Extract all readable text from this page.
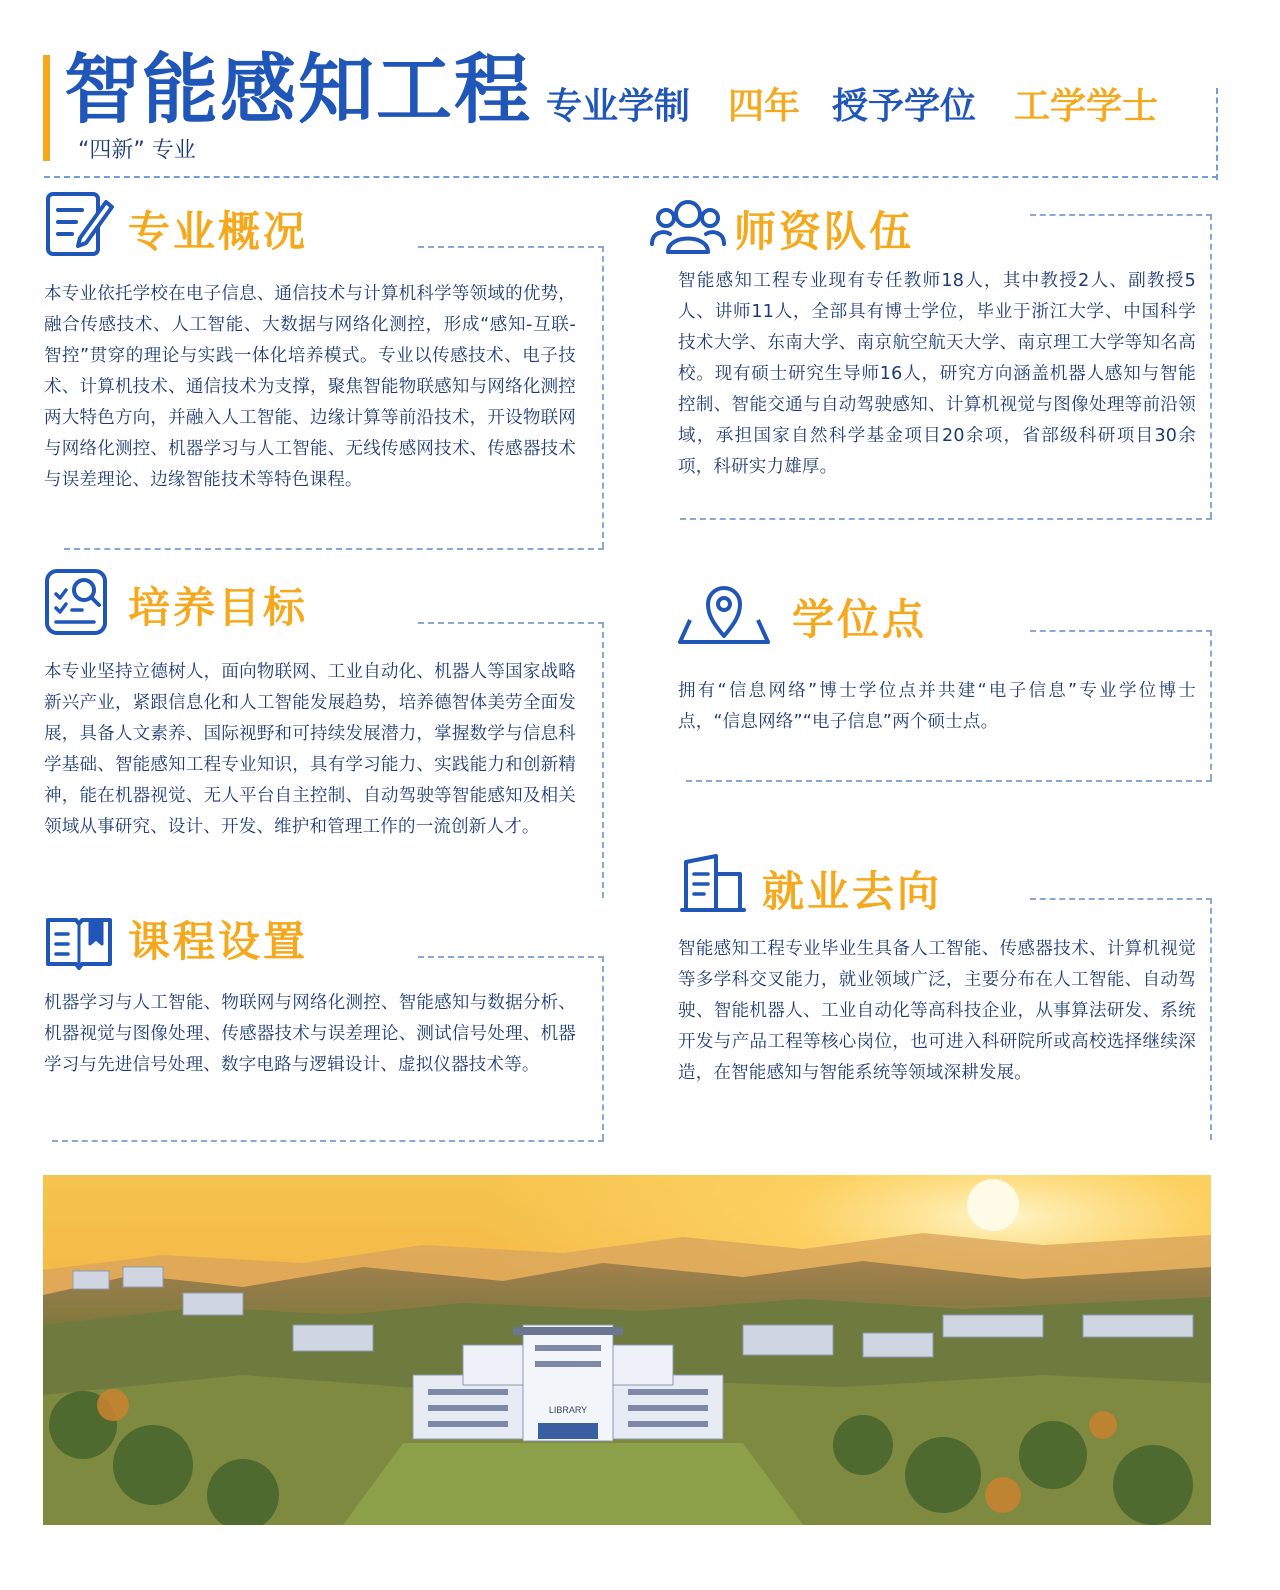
智能感知工程
“四新” 专业
专业学制 四年 授予学位 工学学士
专业概况
本专业依托学校在电子信息、通信技术与计算机科学等领域的优势，融合传感技术、人工智能、大数据与网络化测控，形成“感知-互联-智控”贯穿的理论与实践一体化培养模式。专业以传感技术、电子技术、计算机技术、通信技术为支撑，聚焦智能物联感知与网络化测控两大特色方向，并融入人工智能、边缘计算等前沿技术，开设物联网与网络化测控、机器学习与人工智能、无线传感网技术、传感器技术与误差理论、边缘智能技术等特色课程。
师资队伍
智能感知工程专业现有专任教师18人，其中教授2人、副教授5人、讲师11人，全部具有博士学位，毕业于浙江大学、中国科学技术大学、东南大学、南京航空航天大学、南京理工大学等知名高校。现有硕士研究生导师16人，研究方向涵盖机器人感知与智能控制、智能交通与自动驾驶感知、计算机视觉与图像处理等前沿领域，承担国家自然科学基金项目20余项，省部级科研项目30余项，科研实力雄厚。
培养目标
本专业坚持立德树人，面向物联网、工业自动化、机器人等国家战略新兴产业，紧跟信息化和人工智能发展趋势，培养德智体美劳全面发展，具备人文素养、国际视野和可持续发展潜力，掌握数学与信息科学基础、智能感知工程专业知识，具有学习能力、实践能力和创新精神，能在机器视觉、无人平台自主控制、自动驾驶等智能感知及相关领域从事研究、设计、开发、维护和管理工作的一流创新人才。
学位点
拥有“信息网络”博士学位点并共建“电子信息”专业学位博士点，“信息网络”“电子信息”两个硕士点。
课程设置
机器学习与人工智能、物联网与网络化测控、智能感知与数据分析、机器视觉与图像处理、传感器技术与误差理论、测试信号处理、机器学习与先进信号处理、数字电路与逻辑设计、虚拟仪器技术等。
就业去向
智能感知工程专业毕业生具备人工智能、传感器技术、计算机视觉等多学科交叉能力，就业领域广泛，主要分布在人工智能、自动驾驶、智能机器人、工业自动化等高科技企业，从事算法研发、系统开发与产品工程等核心岗位，也可进入科研院所或高校选择继续深造，在智能感知与智能系统等领域深耕发展。
LIBRARY
